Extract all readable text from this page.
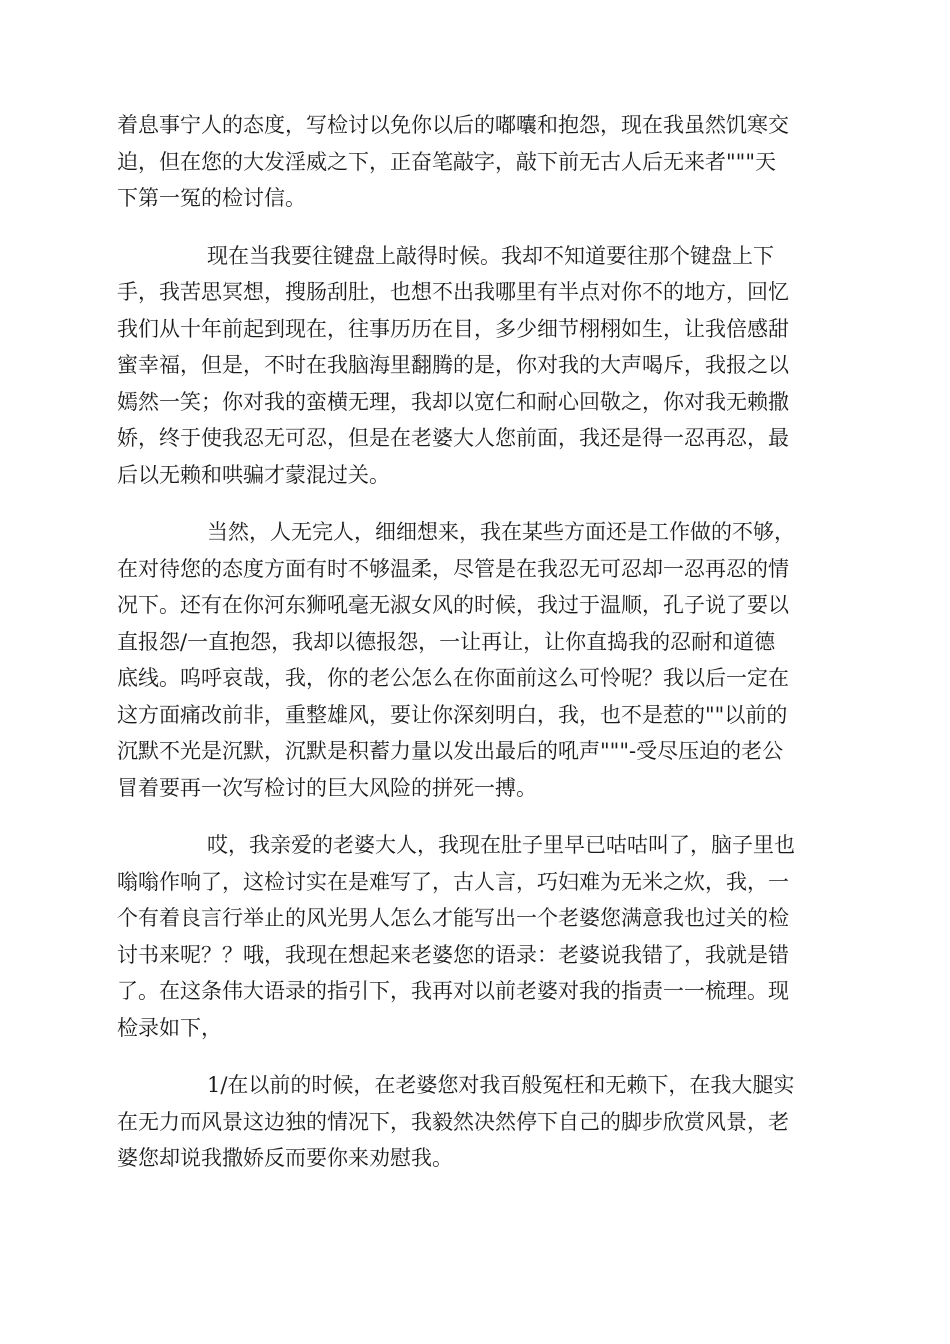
着息事宁人的态度，写检讨以免你以后的嘟囔和抱怨，现在我虽然饥寒交
迫，但在您的大发淫威之下，正奋笔敲字，敲下前无古人后无来者"""天
下第一冤的检讨信。

现在当我要往键盘上敲得时候。我却不知道要往那个键盘上下
手，我苦思冥想，搜肠刮肚，也想不出我哪里有半点对你不的地方，回忆
我们从十年前起到现在，往事历历在目，多少细节栩栩如生，让我倍感甜
蜜幸福，但是，不时在我脑海里翻腾的是，你对我的大声喝斥，我报之以
嫣然一笑；你对我的蛮横无理，我却以宽仁和耐心回敬之，你对我无赖撒
娇，终于使我忍无可忍，但是在老婆大人您前面，我还是得一忍再忍，最
后以无赖和哄骗才蒙混过关。

当然，人无完人，细细想来，我在某些方面还是工作做的不够，
在对待您的态度方面有时不够温柔，尽管是在我忍无可忍却一忍再忍的情
况下。还有在你河东狮吼毫无淑女风的时候，我过于温顺，孔子说了要以
直报怨/一直抱怨，我却以德报怨，一让再让，让你直捣我的忍耐和道德
底线。呜呼哀哉，我，你的老公怎么在你面前这么可怜呢？我以后一定在
这方面痛改前非，重整雄风，要让你深刻明白，我，也不是惹的""以前的
沉默不光是沉默，沉默是积蓄力量以发出最后的吼声"""-受尽压迫的老公
冒着要再一次写检讨的巨大风险的拼死一搏。

哎，我亲爱的老婆大人，我现在肚子里早已咕咕叫了，脑子里也
嗡嗡作响了，这检讨实在是难写了，古人言，巧妇难为无米之炊，我，一
个有着良言行举止的风光男人怎么才能写出一个老婆您满意我也过关的检
讨书来呢？？哦，我现在想起来老婆您的语录：老婆说我错了，我就是错
了。在这条伟大语录的指引下，我再对以前老婆对我的指责一一梳理。现
检录如下，

1/在以前的时候，在老婆您对我百般冤枉和无赖下，在我大腿实
在无力而风景这边独的情况下，我毅然决然停下自己的脚步欣赏风景，老
婆您却说我撒娇反而要你来劝慰我。
